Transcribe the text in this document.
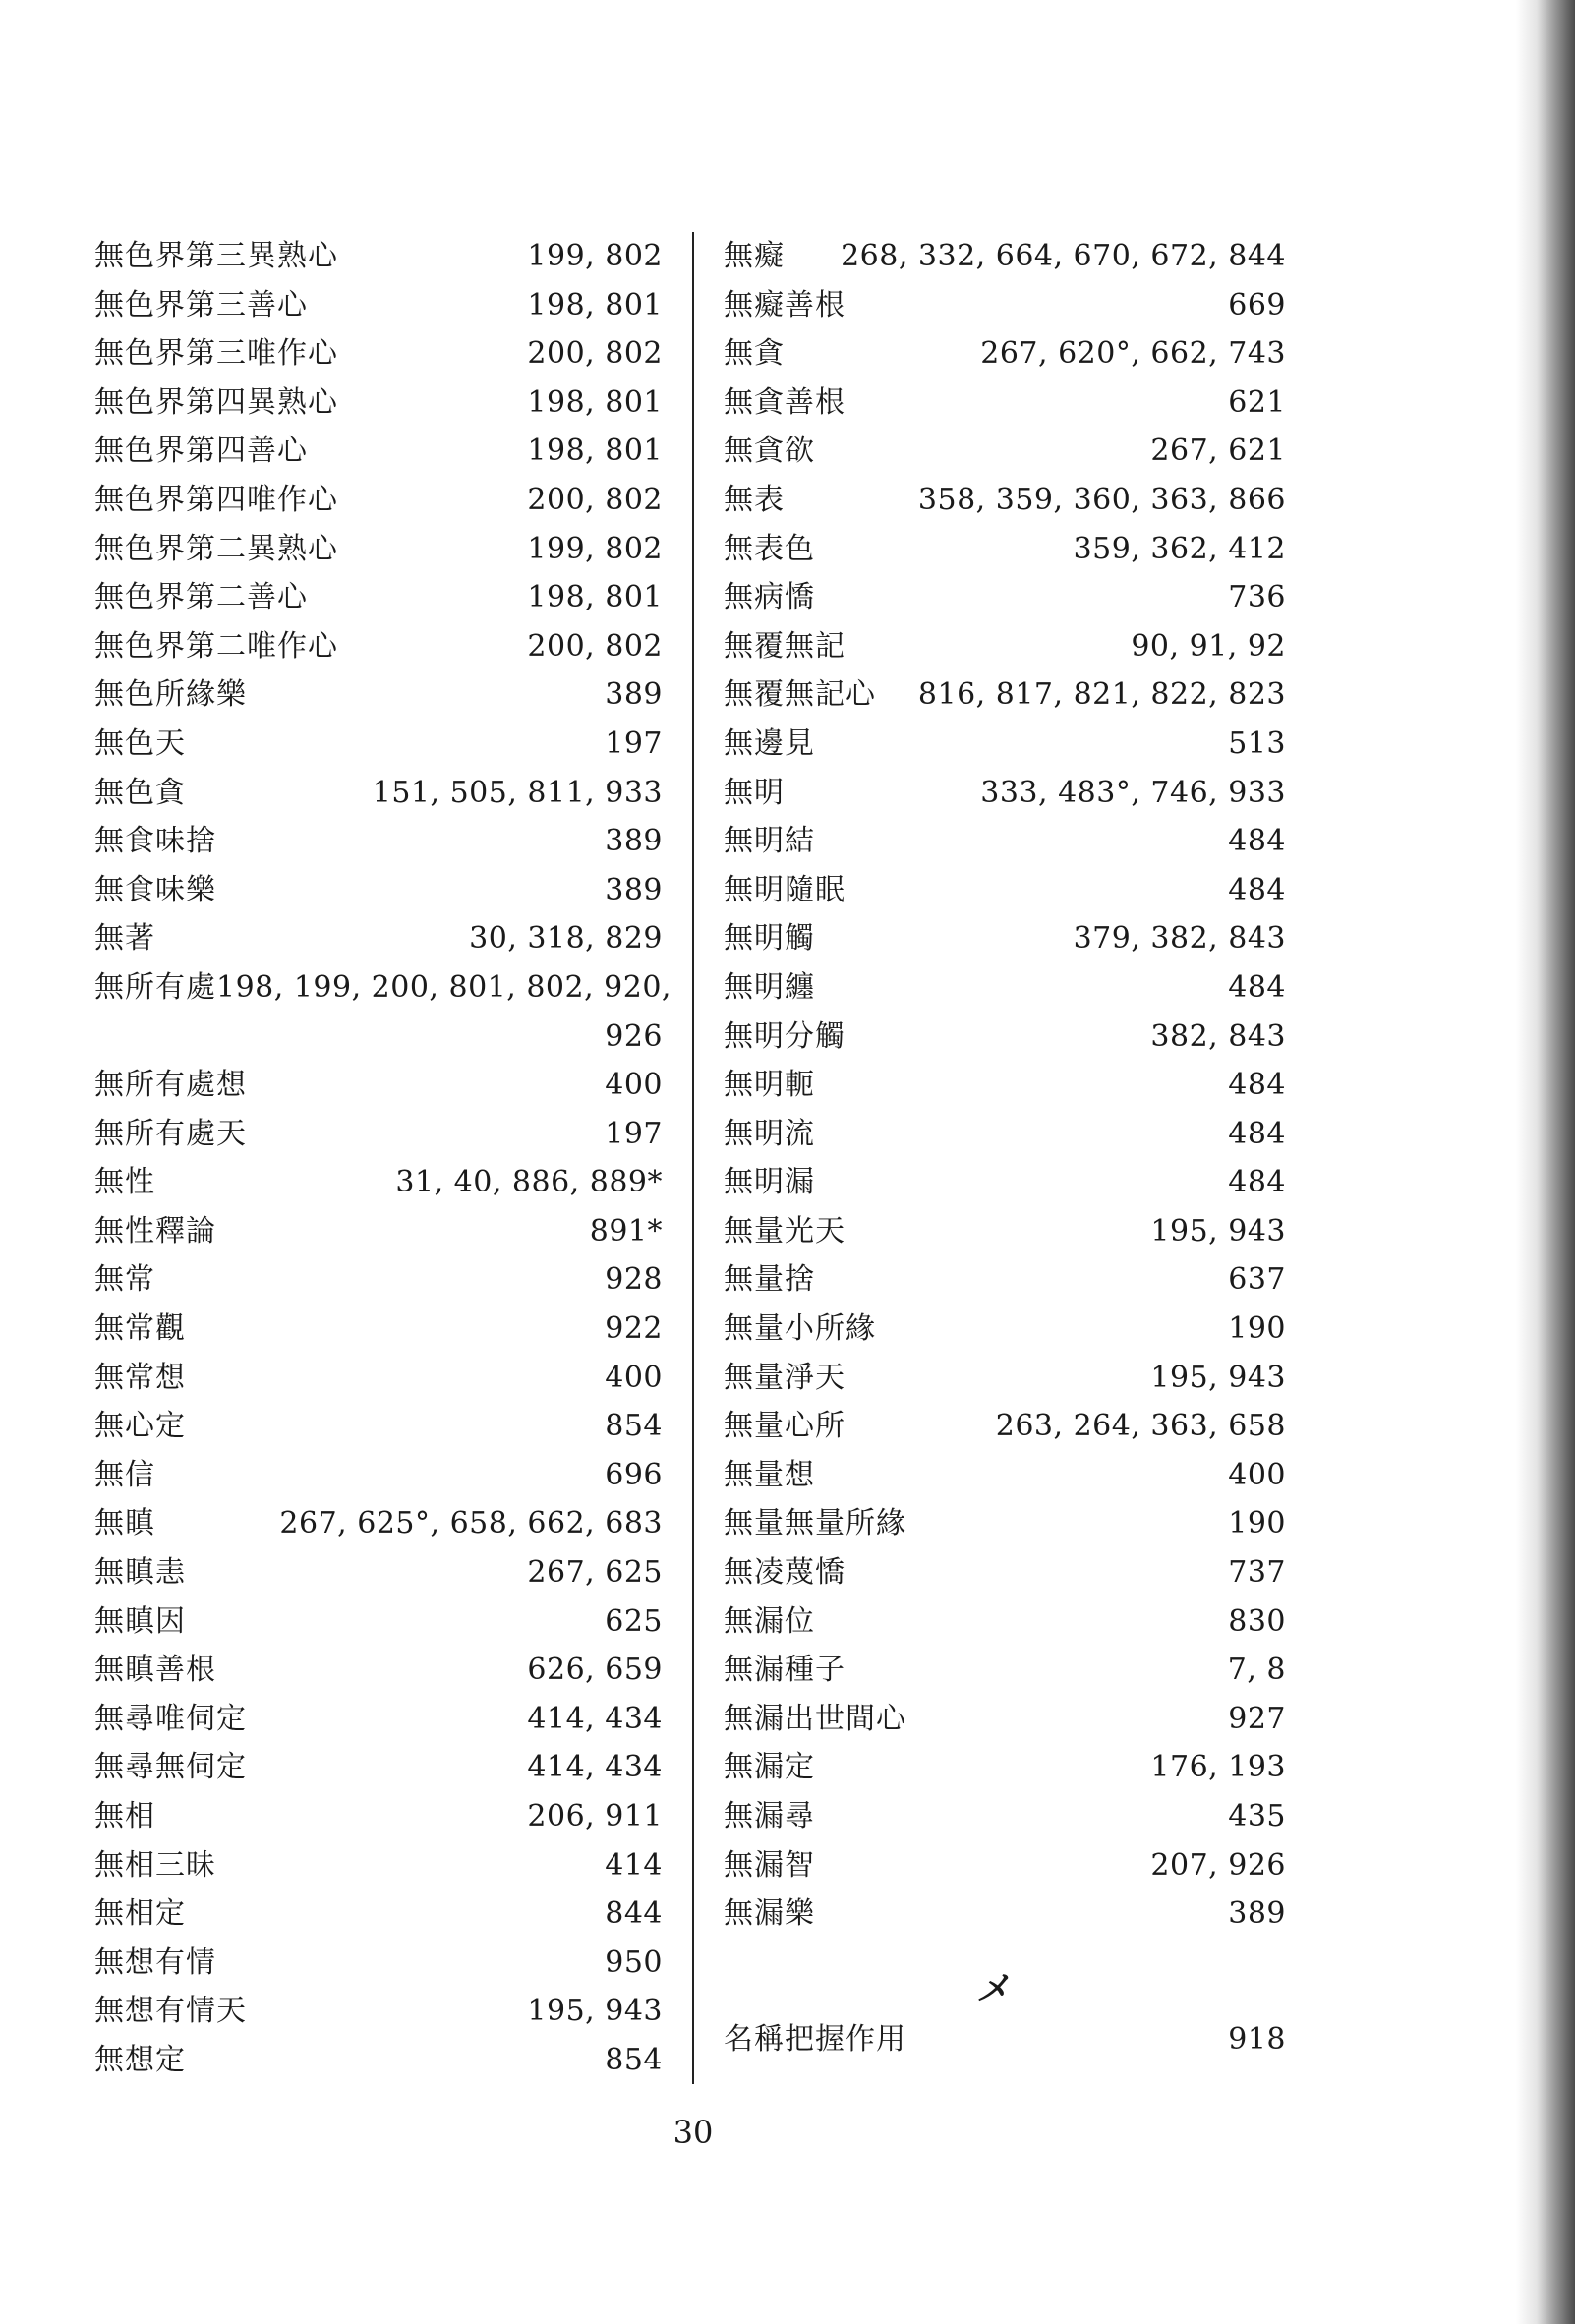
無色界第三異熟心	199, 802
無色界第三善心	198, 801
無色界第三唯作心	200, 802
無色界第四異熟心	198, 801
無色界第四善心	198, 801
無色界第四唯作心	200, 802
無色界第二異熟心	199, 802
無色界第二善心	198, 801
無色界第二唯作心	200, 802
無色所緣樂	389
無色天	197
無色貪	151, 505, 811, 933
無食味捨	389
無食味樂	389
無著	30, 318, 829
無所有處 198, 199, 200, 801, 802, 920,
926
無所有處想	400
無所有處天	197
無性	31, 40, 886, 889*
無性釋論	891*
無常	928
無常觀	922
無常想	400
無心定	854
無信	696
無瞋	267, 625°, 658, 662, 683
無瞋恚	267, 625
無瞋因	625
無瞋善根	626, 659
無尋唯伺定	414, 434
無尋無伺定	414, 434
無相	206, 911
無相三昧	414
無相定	844
無想有情	950
無想有情天	195, 943
無想定	854
無癡 268, 332, 664, 670, 672, 844
無癡善根	669
無貪	267, 620°, 662, 743
無貪善根	621
無貪欲	267, 621
無表	358, 359, 360, 363, 866
無表色	359, 362, 412
無病憍	736
無覆無記	90, 91, 92
無覆無記心 816, 817, 821, 822, 823
無邊見	513
無明	333, 483°, 746, 933
無明結	484
無明隨眠	484
無明觸	379, 382, 843
無明纏	484
無明分觸	382, 843
無明軛	484
無明流	484
無明漏	484
無量光天	195, 943
無量捨	637
無量小所緣	190
無量淨天	195, 943
無量心所	263, 264, 363, 658
無量想	400
無量無量所緣	190
無凌蔑憍	737
無漏位	830
無漏種子	7, 8
無漏出世間心	927
無漏定	176, 193
無漏尋	435
無漏智	207, 926
無漏樂	389
メ
名稱把握作用	918
30
